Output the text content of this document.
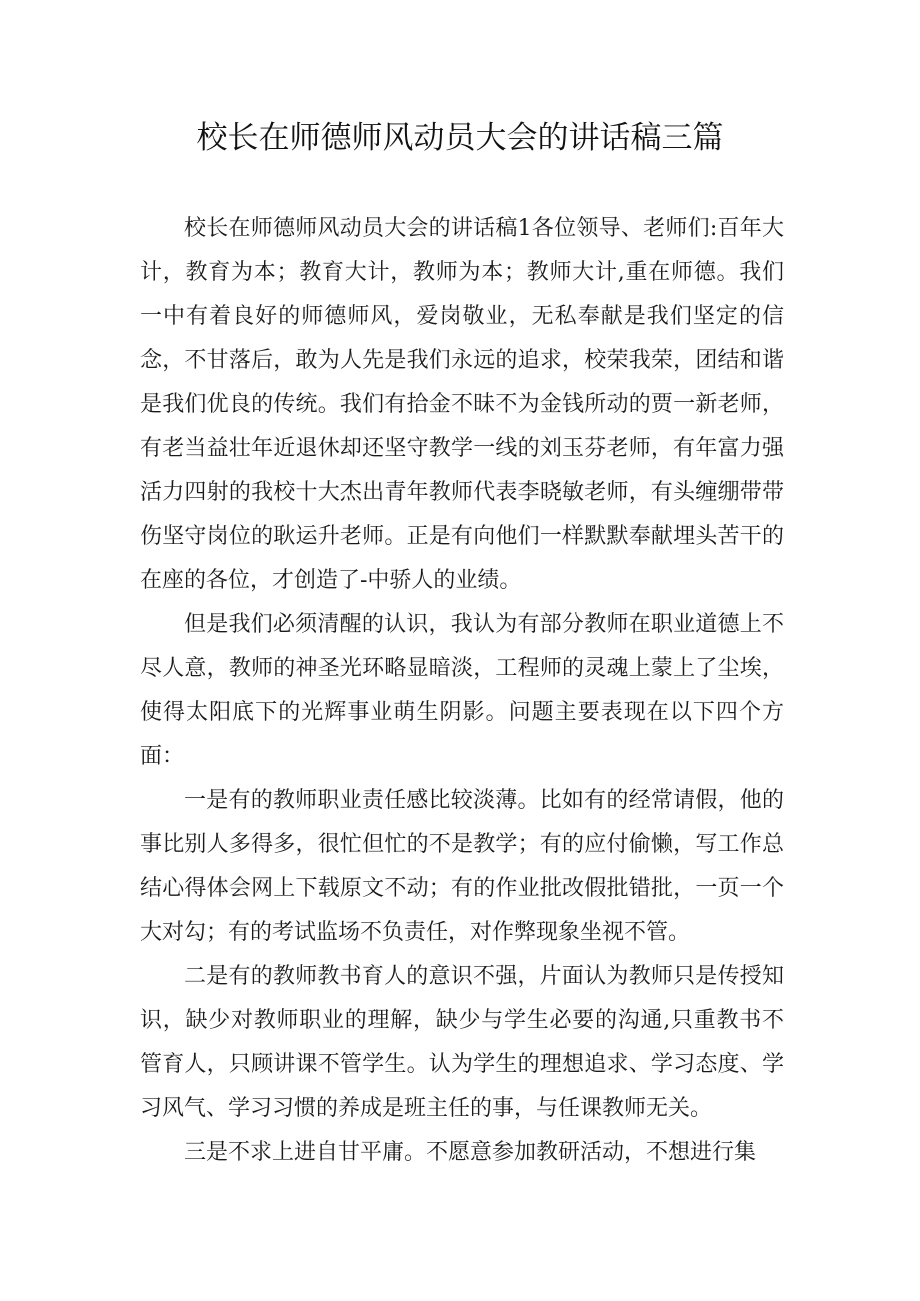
校长在师德师风动员大会的讲话稿三篇

校长在师德师风动员大会的讲话稿1各位领导、老师们:百年大计，教育为本；教育大计，教师为本；教师大计,重在师德。我们一中有着良好的师德师风，爱岗敬业，无私奉献是我们坚定的信念，不甘落后，敢为人先是我们永远的追求，校荣我荣，团结和谐是我们优良的传统。我们有拾金不昧不为金钱所动的贾一新老师，有老当益壮年近退休却还坚守教学一线的刘玉芬老师，有年富力强活力四射的我校十大杰出青年教师代表李晓敏老师，有头缠绷带带伤坚守岗位的耿运升老师。正是有向他们一样默默奉献埋头苦干的在座的各位，才创造了-中骄人的业绩。

但是我们必须清醒的认识，我认为有部分教师在职业道德上不尽人意，教师的神圣光环略显暗淡，工程师的灵魂上蒙上了尘埃，使得太阳底下的光辉事业萌生阴影。问题主要表现在以下四个方面：

一是有的教师职业责任感比较淡薄。比如有的经常请假，他的事比别人多得多，很忙但忙的不是教学；有的应付偷懒，写工作总结心得体会网上下载原文不动；有的作业批改假批错批，一页一个大对勾；有的考试监场不负责任，对作弊现象坐视不管。

二是有的教师教书育人的意识不强，片面认为教师只是传授知识，缺少对教师职业的理解，缺少与学生必要的沟通,只重教书不管育人，只顾讲课不管学生。认为学生的理想追求、学习态度、学习风气、学习习惯的养成是班主任的事，与任课教师无关。

三是不求上进自甘平庸。不愿意参加教研活动，不想进行集
